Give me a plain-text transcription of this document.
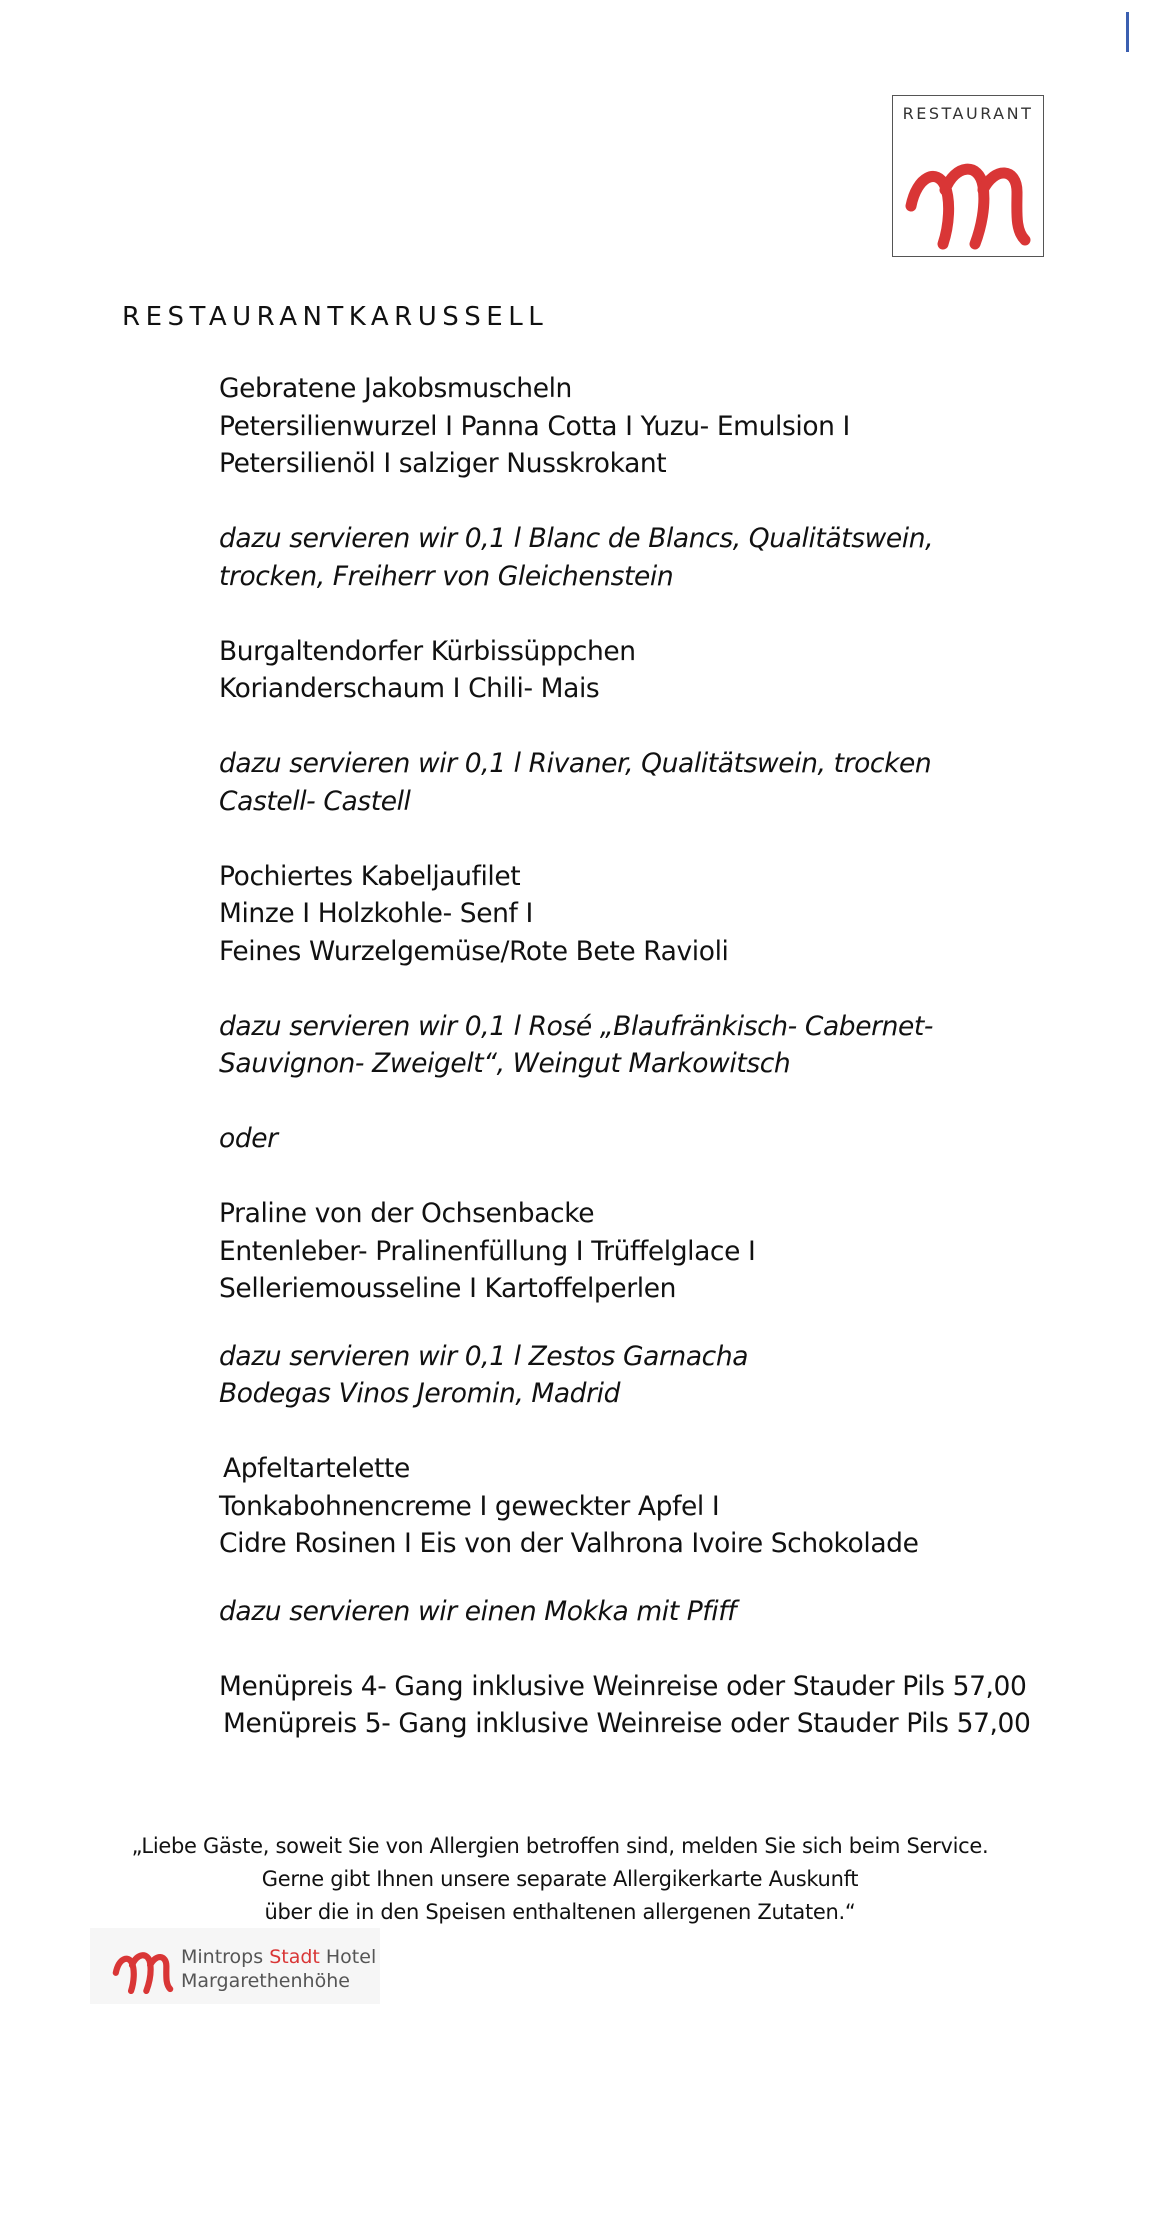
RESTAURANT
RESTAURANTKARUSSELL
Gebratene Jakobsmuscheln
Petersilienwurzel I Panna Cotta I Yuzu- Emulsion I
Petersilienöl I salziger Nusskrokant
dazu servieren wir 0,1 l Blanc de Blancs, Qualitätswein,
trocken, Freiherr von Gleichenstein
Burgaltendorfer Kürbissüppchen
Korianderschaum I Chili- Mais
dazu servieren wir 0,1 l Rivaner, Qualitätswein, trocken
Castell- Castell
Pochiertes Kabeljaufilet
Minze I Holzkohle- Senf I
Feines Wurzelgemüse/Rote Bete Ravioli
dazu servieren wir 0,1 l Rosé „Blaufränkisch- Cabernet-
Sauvignon- Zweigelt“, Weingut Markowitsch
oder
Praline von der Ochsenbacke
Entenleber- Pralinenfüllung I Trüffelglace I
Selleriemousseline I Kartoffelperlen
dazu servieren wir 0,1 l Zestos Garnacha
Bodegas Vinos Jeromin, Madrid
Apfeltartelette
Tonkabohnencreme I geweckter Apfel I
Cidre Rosinen I Eis von der Valhrona Ivoire Schokolade
dazu servieren wir einen Mokka mit Pfiff
Menüpreis 4- Gang inklusive Weinreise oder Stauder Pils 57,00
Menüpreis 5- Gang inklusive Weinreise oder Stauder Pils 57,00
„Liebe Gäste, soweit Sie von Allergien betroffen sind, melden Sie sich beim Service.
Gerne gibt Ihnen unsere separate Allergikerkarte Auskunft
über die in den Speisen enthaltenen allergenen Zutaten.“
Mintrops Stadt Hotel
Margarethenhöhe
